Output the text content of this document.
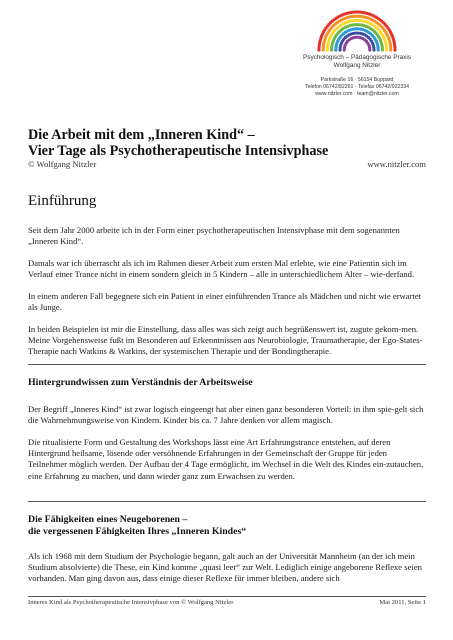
Psychologisch – Pädagogische Praxis
Wolfgang Nitzler
Parkstraße 16 · 56154 Boppard
Telefon 06742/82261 · Telefax 06742/922334
www.nitzler.com · team@nitzler.com
Die Arbeit mit dem „Inneren Kind“ –
Vier Tage als Psychotherapeutische Intensivphase
© Wolfgang Nitzler	www.nitzler.com
Einführung

Seit dem Jahr 2000 arbeite ich in der Form einer psychotherapeutischen Intensivphase mit dem sogenannten „Inneren Kind“.

Damals war ich überrascht als ich im Rahmen dieser Arbeit zum ersten Mal erlebte, wie eine Patientin sich im Verlauf einer Trance nicht in einem sondern gleich in 5 Kindern – alle in unterschiedlichem Alter – wie-derfand.

In einem anderen Fall begegnete sich ein Patient in einer einführenden Trance als Mädchen und nicht wie erwartet als Junge.

In beiden Beispielen ist mir die Einstellung, dass alles was sich zeigt auch begrüßenswert ist, zugute gekom-men. Meine Vorgehensweise fußt im Besonderen auf Erkenntnissen aus Neurobiologie, Traumatherapie, der Ego-States-Therapie nach Watkins & Watkins, der systemischen Therapie und der Bondingtherapie.

Hintergrundwissen zum Verständnis der Arbeitsweise

Der Begriff „Inneres Kind“ ist zwar logisch eingeengt hat aber einen ganz besonderen Vorteil: in ihm spie-gelt sich die Wahrnehmungsweise von Kindern. Kinder bis ca. 7 Jahre denken vor allem magisch.

Die ritualisierte Form und Gestaltung des Workshops lässt eine Art Erfahrungstrance entstehen, auf deren Hintergrund heilsame, lösende oder versöhnende Erfahrungen in der Gemeinschaft der Gruppe für jeden Teilnehmer möglich werden. Der Aufbau der 4 Tage ermöglicht, im Wechsel in die Welt des Kindes ein-zutauchen, eine Erfahrung zu machen, und dann wieder ganz zum Erwachsen zu werden.

Die Fähigkeiten eines Neugeborenen –
die vergessenen Fähigkeiten Ihres „Inneren Kindes“

Als ich 1968 mit dem Studium der Psychologie begann, galt auch an der Universität Mannheim (an der ich mein Studium absolvierte) die These, ein Kind komme „quasi leer“ zur Welt. Lediglich einige angeborene Reflexe seien vorhanden. Man ging davon aus, dass einige dieser Reflexe für immer bleiben, andere sich

Inneres Kind als Psychotherapeutische Intensivphase von © Wolfgang Nitzler	Mai 2011, Seite 1
